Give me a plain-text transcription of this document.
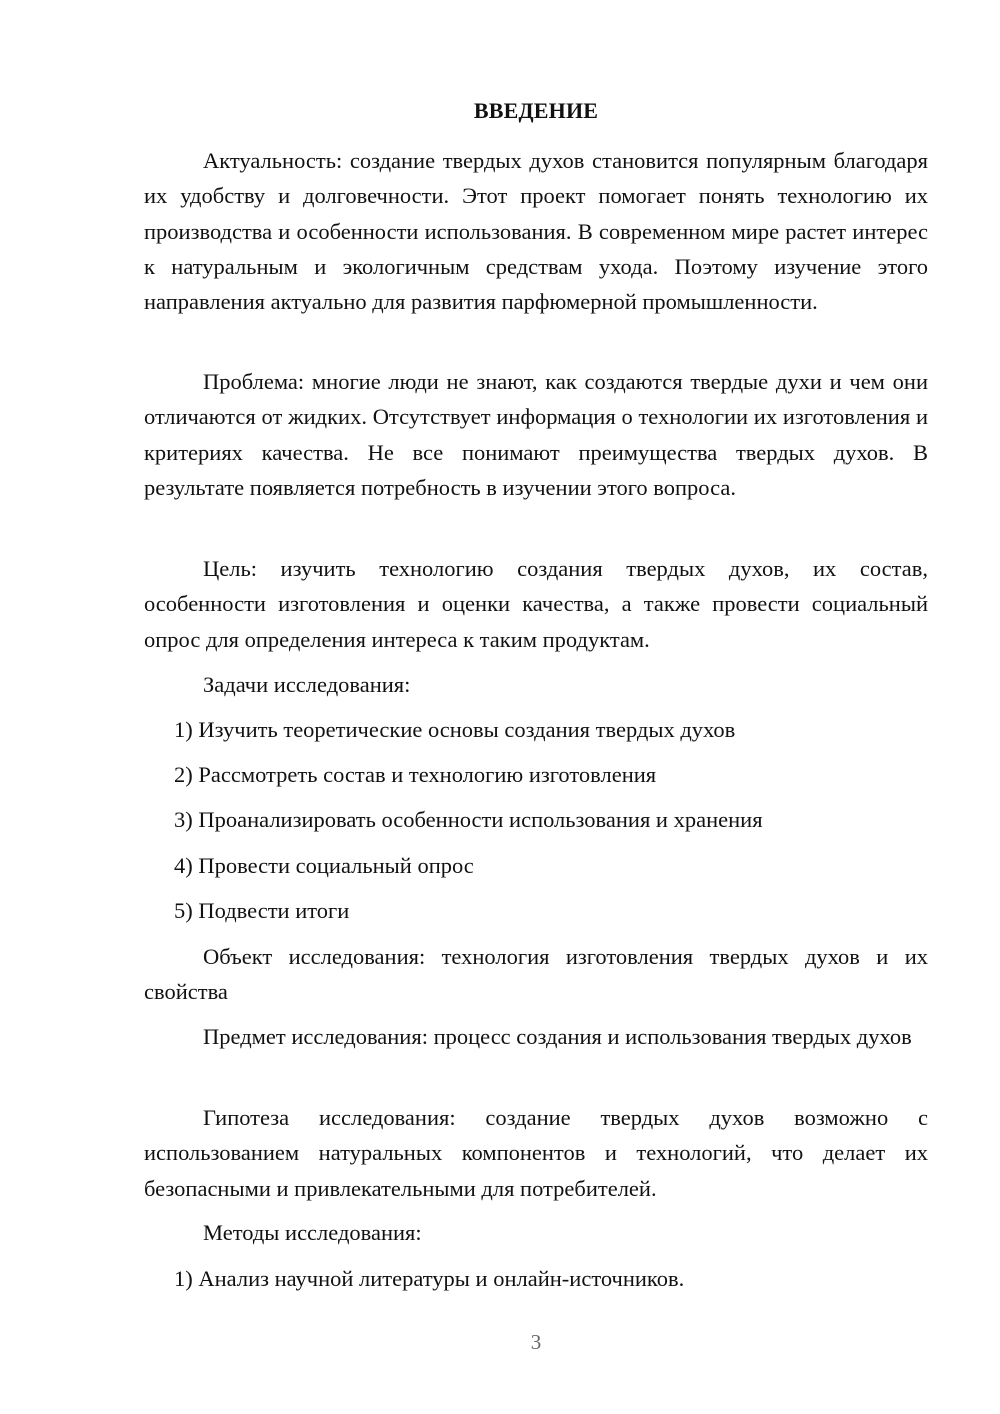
ВВЕДЕНИЕ

Актуальность: создание твердых духов становится популярным благодаря их удобству и долговечности. Этот проект помогает понять технологию их производства и особенности использования. В современном мире растет интерес к натуральным и экологичным средствам ухода. Поэтому изучение этого направления актуально для развития парфюмерной промышленности.

Проблема: многие люди не знают, как создаются твердые духи и чем они отличаются от жидких. Отсутствует информация о технологии их изготовления и критериях качества. Не все понимают преимущества твердых духов. В результате появляется потребность в изучении этого вопроса.

Цель: изучить технологию создания твердых духов, их состав, особенности изготовления и оценки качества, а также провести социальный опрос для определения интереса к таким продуктам.

Задачи исследования:
1) Изучить теоретические основы создания твердых духов
2) Рассмотреть состав и технологию изготовления
3) Проанализировать особенности использования и хранения
4) Провести социальный опрос
5) Подвести итоги

Объект исследования: технология изготовления твердых духов и их свойства

Предмет исследования: процесс создания и использования твердых духов

Гипотеза исследования: создание твердых духов возможно с использованием натуральных компонентов и технологий, что делает их безопасными и привлекательными для потребителей.

Методы исследования:
1) Анализ научной литературы и онлайн-источников.
3
